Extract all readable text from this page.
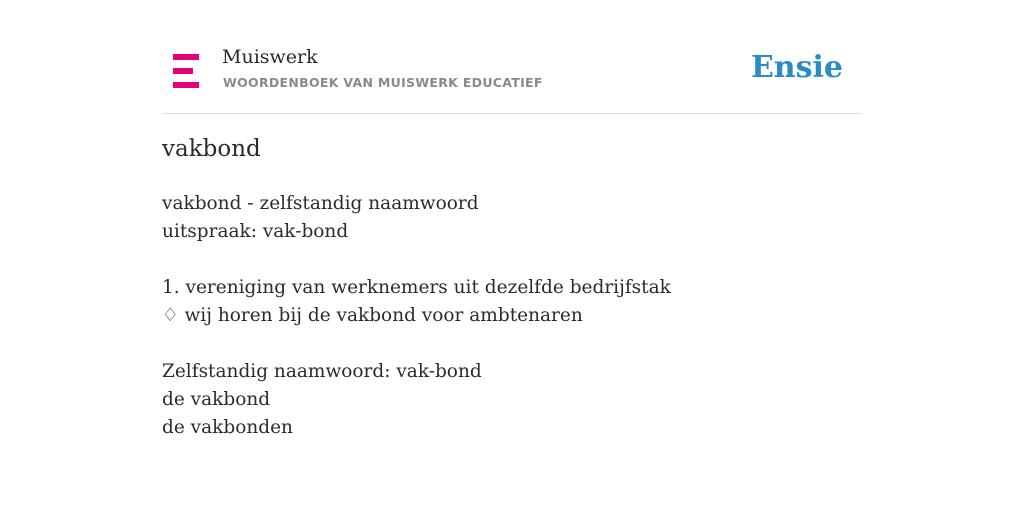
Muiswerk
WOORDENBOEK VAN MUISWERK EDUCATIEF	Ensie
vakbond
vakbond - zelfstandig naamwoord
uitspraak: vak-bond
1. vereniging van werknemers uit dezelfde bedrijfstak
♢ wij horen bij de vakbond voor ambtenaren
Zelfstandig naamwoord: vak-bond
de vakbond
de vakbonden
